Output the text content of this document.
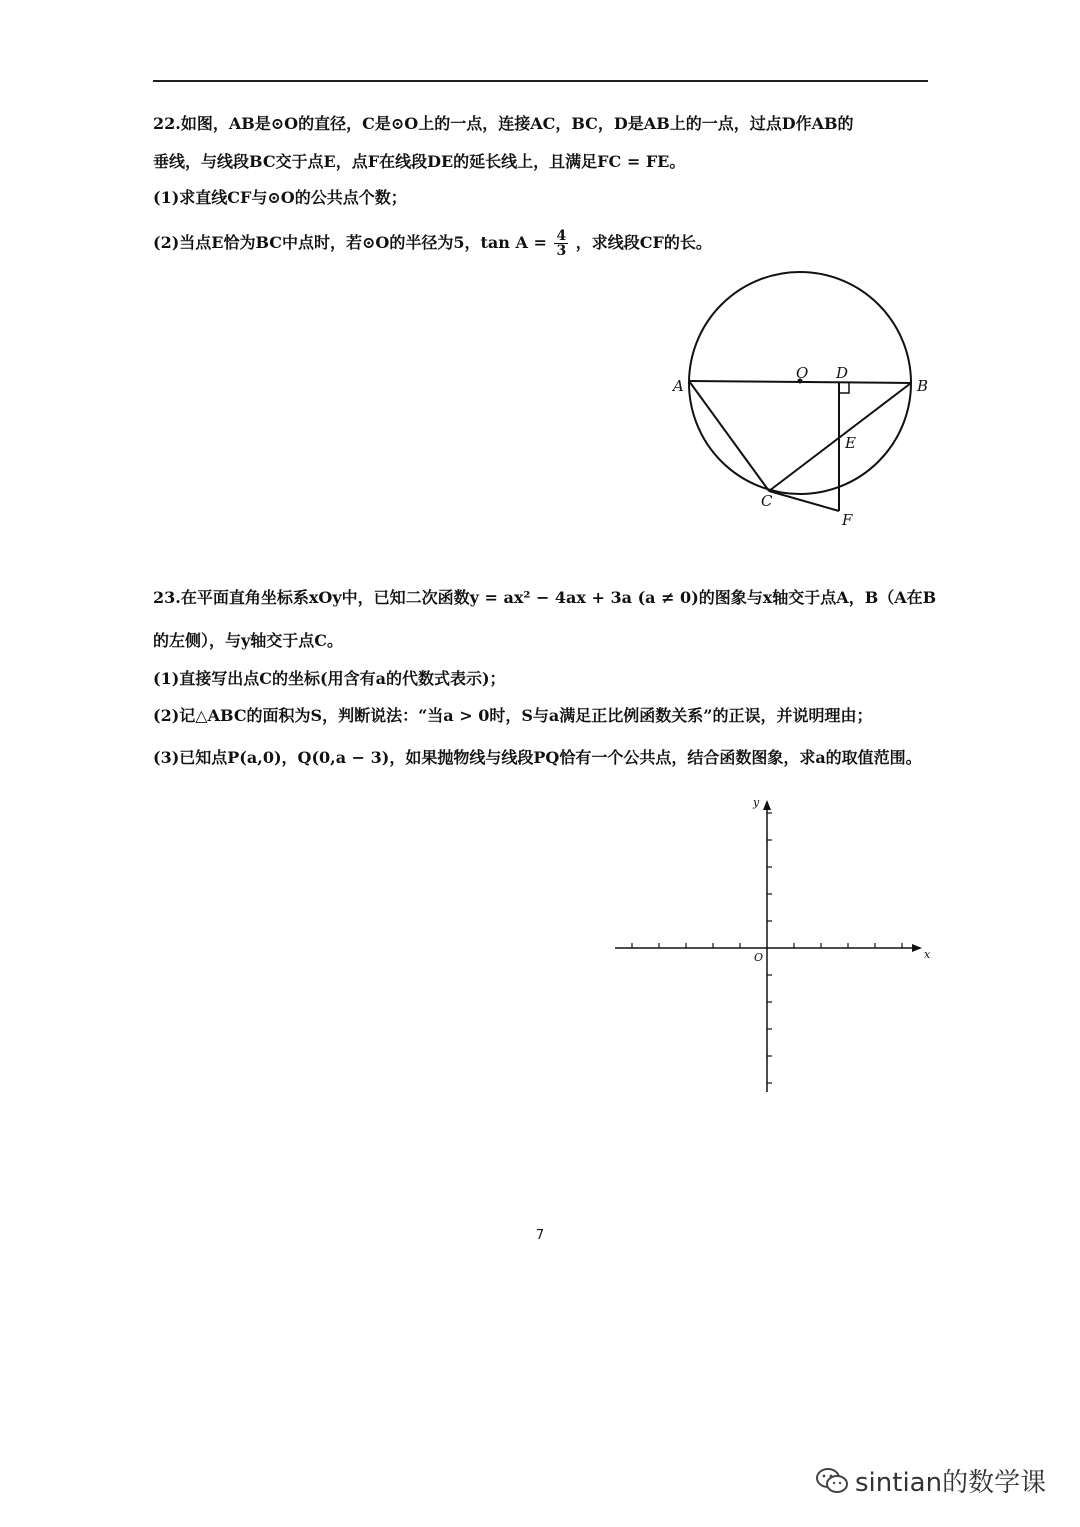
22.如图，AB是⊙O的直径，C是⊙O上的一点，连接AC，BC，D是AB上的一点，过点D作AB的
垂线，与线段BC交于点E，点F在线段DE的延长线上，且满足FC = FE。
(1)求直线CF与⊙O的公共点个数；
(2)当点E恰为BC中点时，若⊙O的半径为5，$\tan A = \frac{4}{3}$ ，求线段CF的长。
A
O D
B
E
C
F
23.在平面直角坐标系xOy中，已知二次函数y = ax² − 4ax + 3a (a ≠ 0)的图象与x轴交于点A，B（A在B
的左侧），与y轴交于点C。
(1)直接写出点C的坐标(用含有a的代数式表示)；
(2)记△ABC的面积为S，判断说法：“当a > 0时，S与a满足正比例函数关系”的正误，并说明理由；
(3)已知点P(a,0)，Q(0,a − 3)，如果抛物线与线段PQ恰有一个公共点，结合函数图象，求a的取值范围。
x
y
O
7
sintian的数学课
